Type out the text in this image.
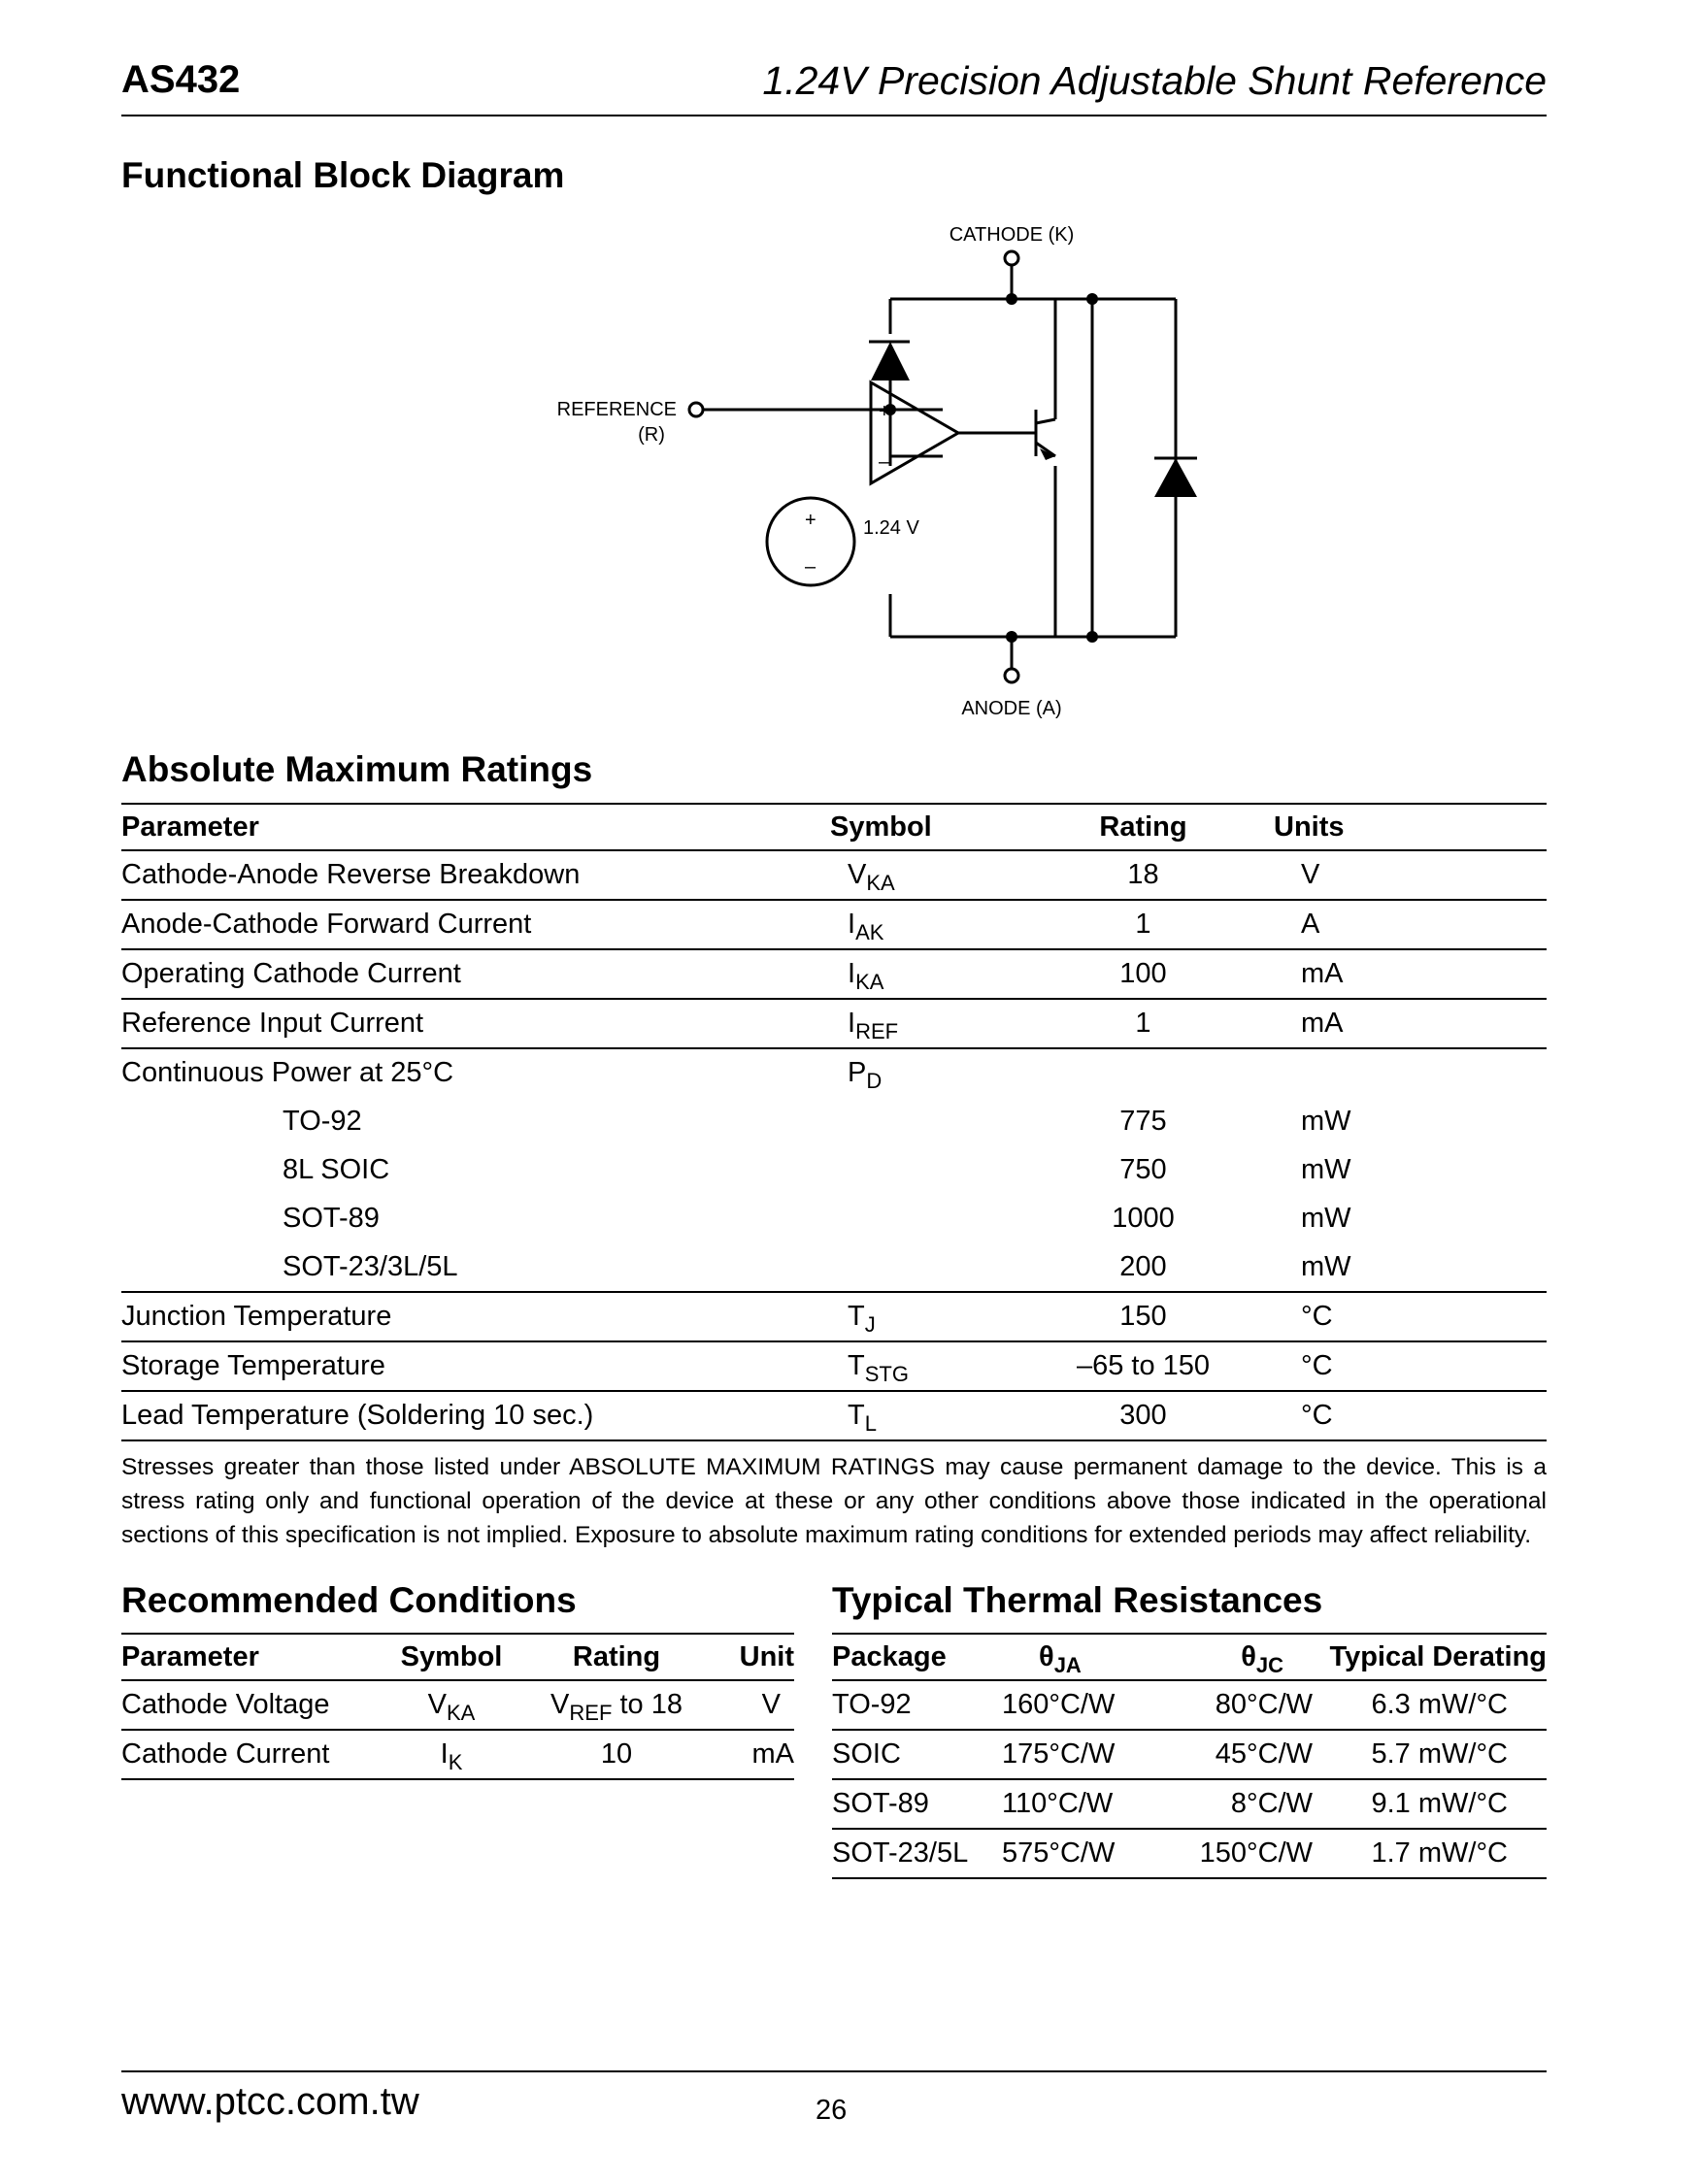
AS432	1.24V Precision Adjustable Shunt Reference
Functional Block Diagram
CATHODE (K)
ANODE (A)
REFERENCE
(R)
1.24 V
+
–
+
–
Absolute Maximum Ratings
Parameter	Symbol	Rating	Units
Cathode-Anode Reverse Breakdown	$V_{KA}$	18	V
Anode-Cathode Forward Current	$I_{AK}$	1	A
Operating Cathode Current	$I_{KA}$	100	mA
Reference Input Current	$I_{REF}$	1	mA
Continuous Power at 25°C	$P_D$		
TO-92		775	mW
8L SOIC		750	mW
SOT-89		1000	mW
SOT-23/3L/5L		200	mW
Junction Temperature	$T_J$	150	°C
Storage Temperature	$T_{STG}$	–65 to 150	°C
Lead Temperature (Soldering 10 sec.)	$T_L$	300	°C
Stresses greater than those listed under ABSOLUTE MAXIMUM RATINGS may cause permanent damage to the device. This is a stress rating only and functional operation of the device at these or any other conditions above those indicated in the operational sections of this specification is not implied. Exposure to absolute maximum rating conditions for extended periods may affect reliability.
Recommended Conditions
Parameter	Symbol	Rating	Unit
Cathode Voltage	$V_{KA}$	$V_{REF}$ to 18	V
Cathode Current	$I_K$	10	mA
Typical Thermal Resistances
Package	$\theta_{JA}$	$\theta_{JC}$	Typical Derating
TO-92	160°C/W	80°C/W	6.3 mW/°C
SOIC	175°C/W	45°C/W	5.7 mW/°C
SOT-89	110°C/W	8°C/W	9.1 mW/°C
SOT-23/5L	575°C/W	150°C/W	1.7 mW/°C
www.ptcc.com.tw	26
